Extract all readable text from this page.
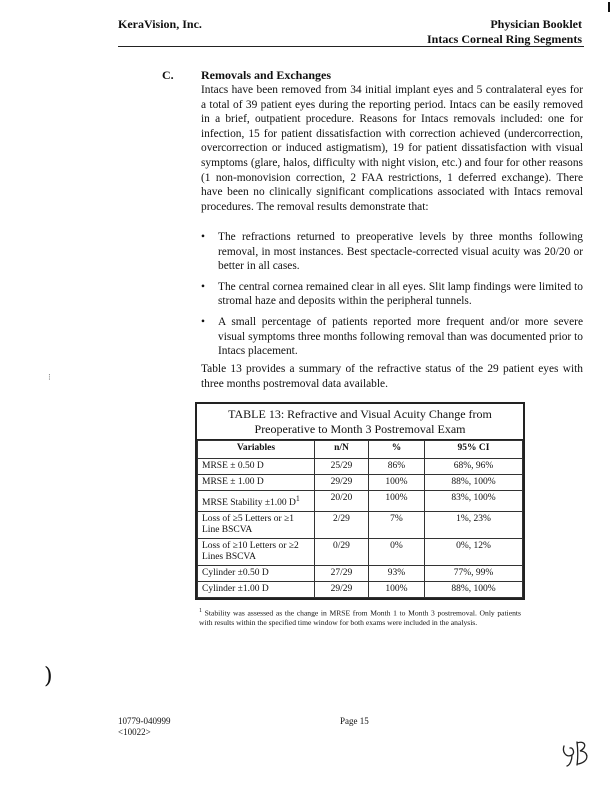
KeraVision, Inc.	Physician Booklet
Intacs Corneal Ring Segments
C. Removals and Exchanges
Intacs have been removed from 34 initial implant eyes and 5 contralateral eyes for a total of 39 patient eyes during the reporting period. Intacs can be easily removed in a brief, outpatient procedure. Reasons for Intacs removals included: one for infection, 15 for patient dissatisfaction with correction achieved (undercorrection, overcorrection or induced astigmatism), 19 for patient dissatisfaction with visual symptoms (glare, halos, difficulty with night vision, etc.) and four for other reasons (1 non-monovision correction, 2 FAA restrictions, 1 deferred exchange). There have been no clinically significant complications associated with Intacs removal procedures. The removal results demonstrate that:
• The refractions returned to preoperative levels by three months following removal, in most instances. Best spectacle-corrected visual acuity was 20/20 or better in all cases.
• The central cornea remained clear in all eyes. Slit lamp findings were limited to stromal haze and deposits within the peripheral tunnels.
• A small percentage of patients reported more frequent and/or more severe visual symptoms three months following removal than was documented prior to Intacs placement.
Table 13 provides a summary of the refractive status of the 29 patient eyes with three months postremoval data available.
TABLE 13: Refractive and Visual Acuity Change from
Preoperative to Month 3 Postremoval Exam
Variables	n/N	%	95% CI
MRSE ± 0.50 D	25/29	86%	68%, 96%
MRSE ± 1.00 D	29/29	100%	88%, 100%
MRSE Stability ±1.00 $D^1$	20/20	100%	83%, 100%
Loss of ≥5 Letters or ≥1 Line BSCVA	2/29	7%	1%, 23%
Loss of ≥10 Letters or ≥2 Lines BSCVA	0/29	0%	0%, 12%
Cylinder ±0.50 D	27/29	93%	77%, 99%
Cylinder ±1.00 D	29/29	100%	88%, 100%
$^1$ Stability was assessed as the change in MRSE from Month 1 to Month 3 postremoval. Only patients with results within the specified time window for both exams were included in the analysis.
⁝
)
10779-040999
<10022>
Page 15
